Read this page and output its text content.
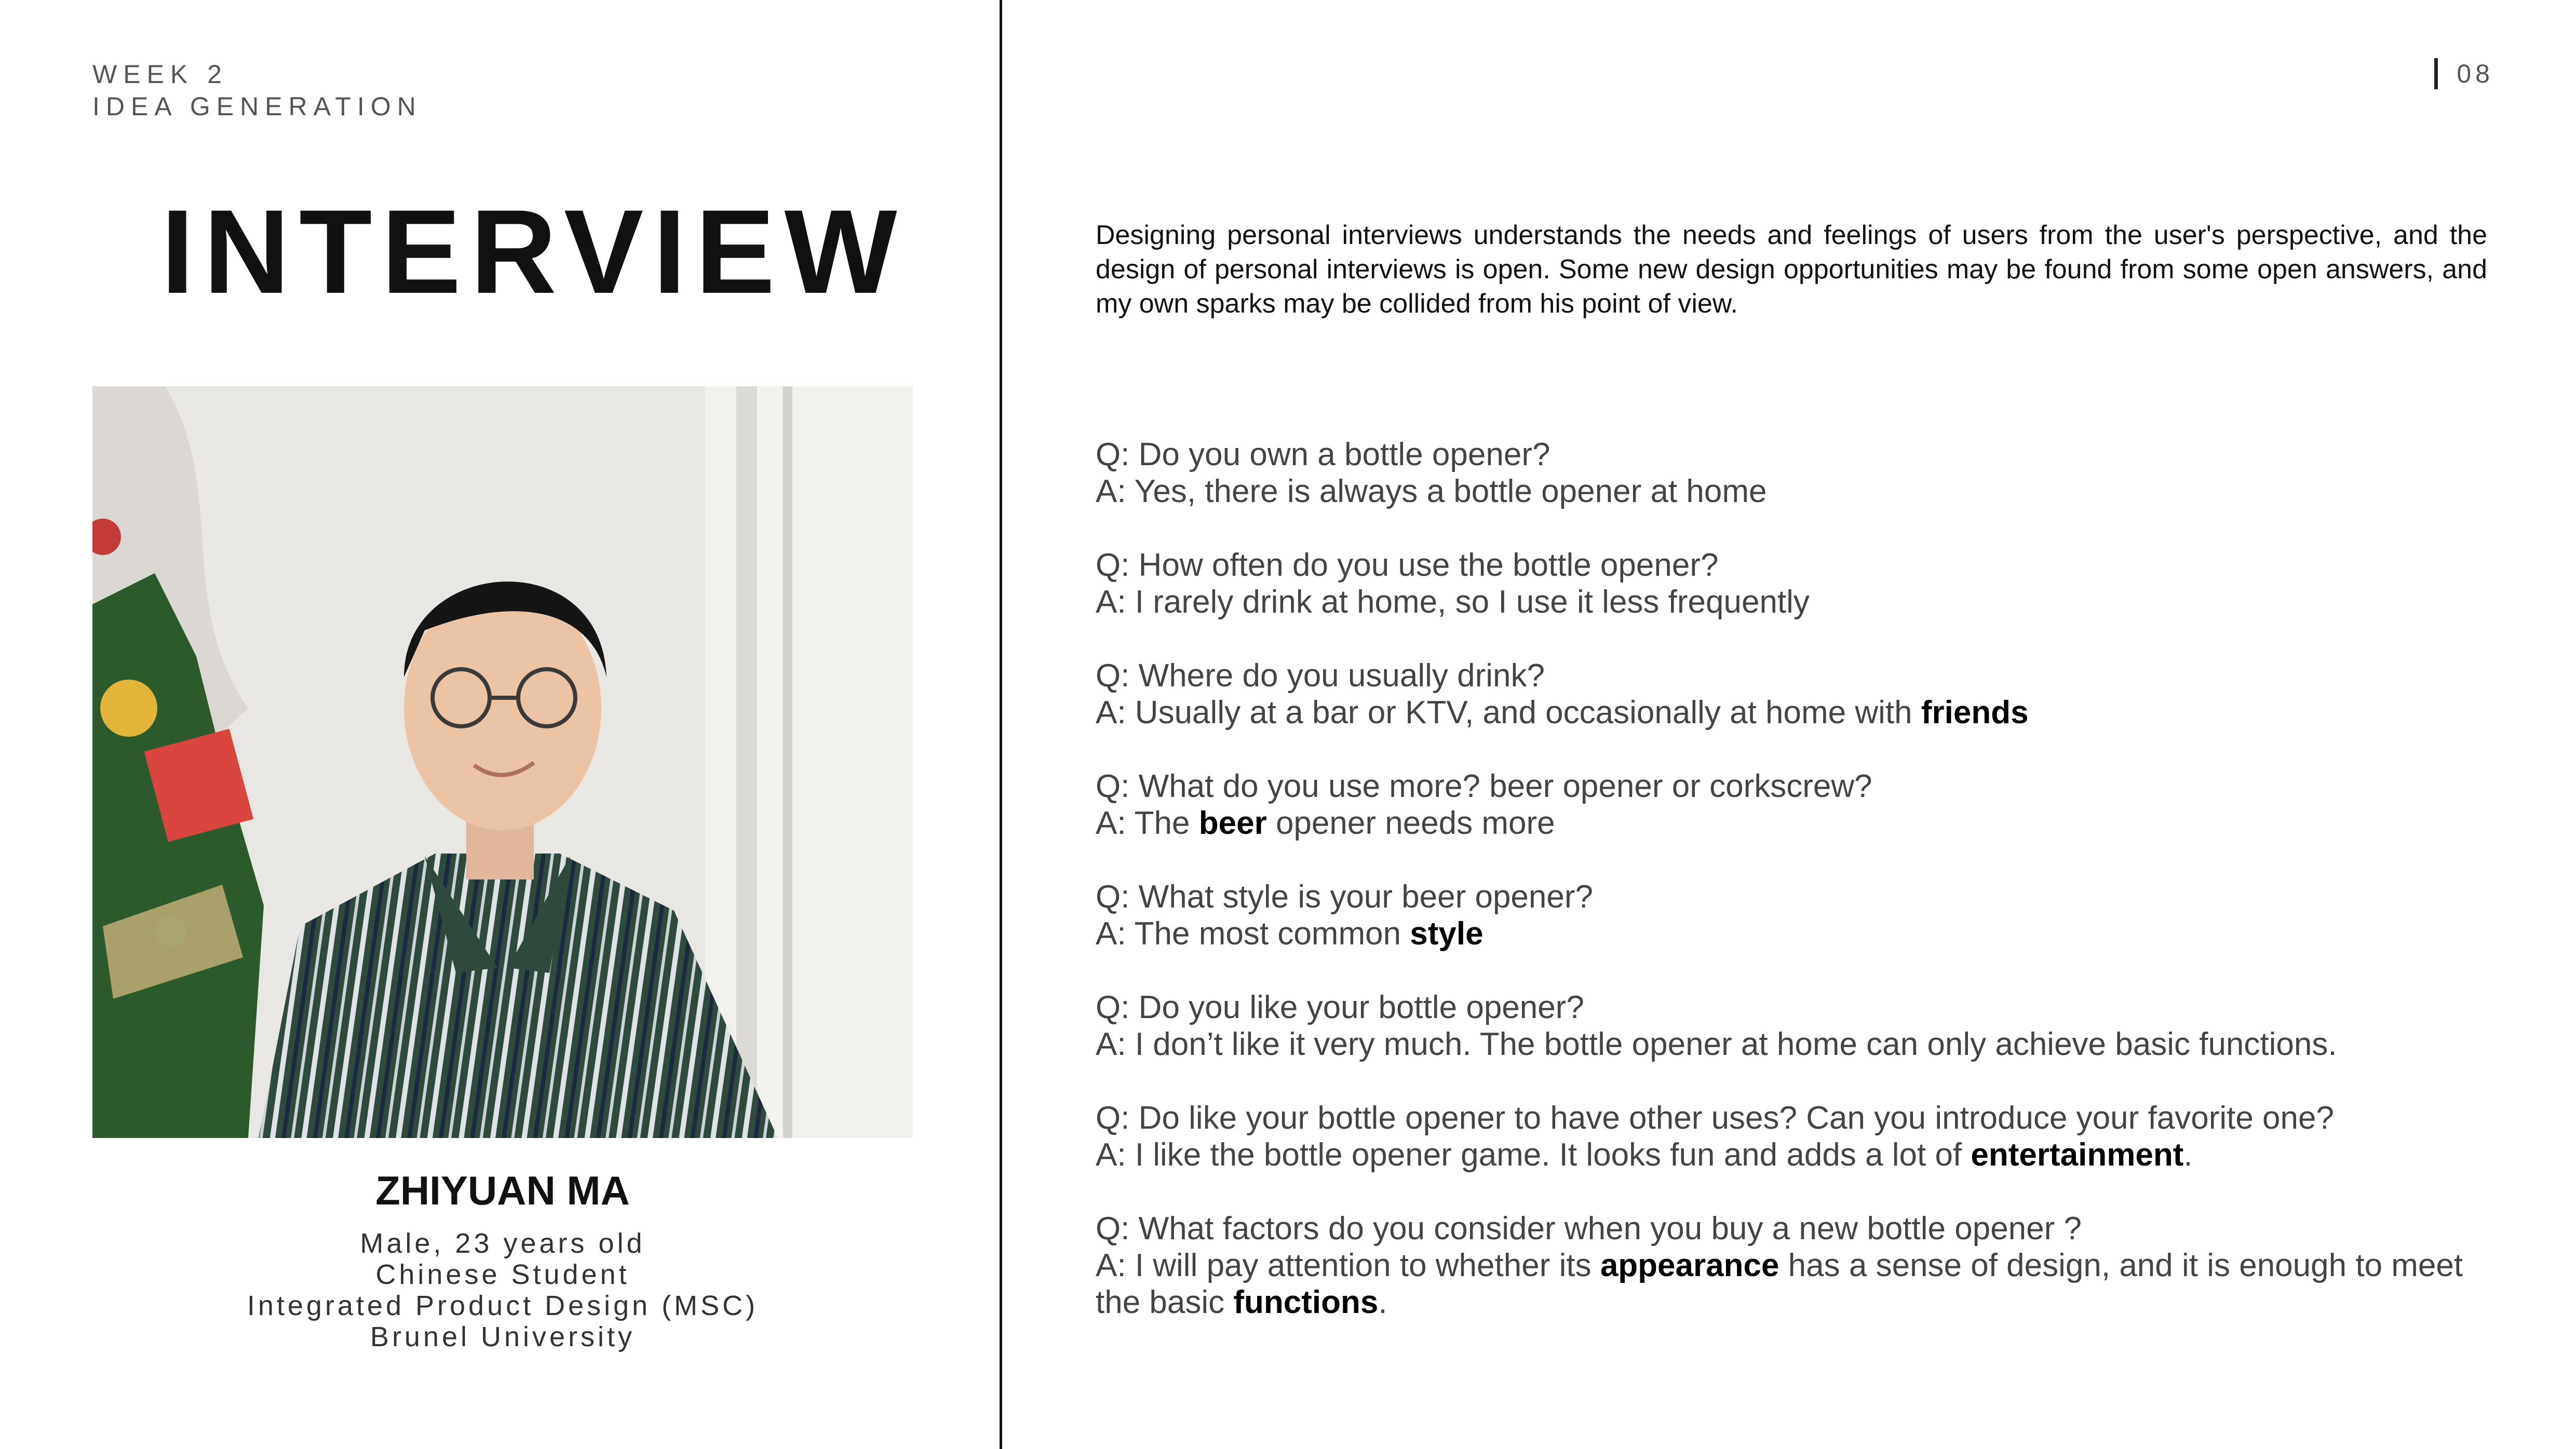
WEEK 2
IDEA GENERATION
08
INTERVIEW
ZHIYUAN MA
Male, 23 years old
Chinese Student
Integrated Product Design (MSC)
Brunel University
Designing personal interviews understands the needs and feelings of users from the user's perspective, and the design of personal interviews is open. Some new design opportunities may be found from some open answers, and my own sparks may be collided from his point of view.
Q: Do you own a bottle opener?
A: Yes, there is always a bottle opener at home
Q: How often do you use the bottle opener?
A: I rarely drink at home, so I use it less frequently
Q: Where do you usually drink?
A: Usually at a bar or KTV, and occasionally at home with friends
Q: What do you use more? beer opener or corkscrew?
A: The beer opener needs more
Q: What style is your beer opener?
A: The most common style
Q: Do you like your bottle opener?
A: I don’t like it very much. The bottle opener at home can only achieve basic functions.
Q: Do like your bottle opener to have other uses? Can you introduce your favorite one?
A: I like the bottle opener game. It looks fun and adds a lot of entertainment.
Q: What factors do you consider when you buy a new bottle opener ?
A: I will pay attention to whether its appearance has a sense of design, and it is enough to meet the basic functions.
